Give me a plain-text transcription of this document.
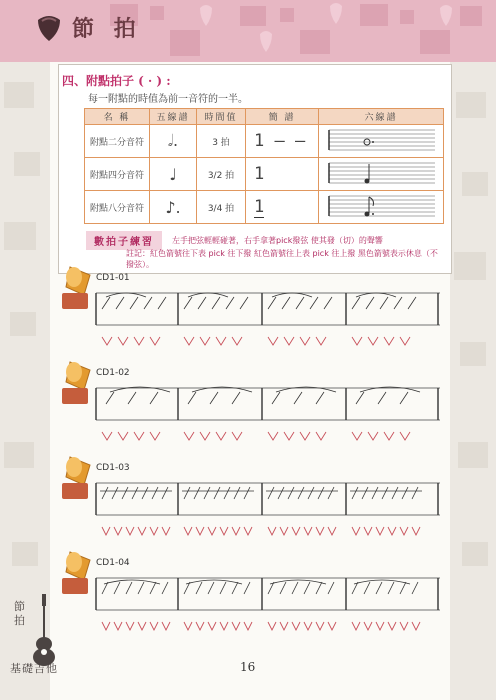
節 拍
四、附點拍子 ( · ) :
每一附點的時值為前一音符的一半。
名 稱	五線譜	時間值	簡 譜	六線譜
附點二分音符	𝅗𝅥.	3 拍	1 – –	
附點四分音符	♩	3/2 拍	1	
附點八分音符	♪.	3/4 拍	1	
數拍子練習	左手把弦輕輕碰著，右手拿著pick撥弦 使其發（切）的聲響
註記：紅色箭號往下表 pick 往下撥 紅色箭號往上表 pick 往上撥 黑色箭號表示休息（不撥弦）。
CD1-01
CD1-02
CD1-03
CD1-04
節拍
基礎吉他	16
